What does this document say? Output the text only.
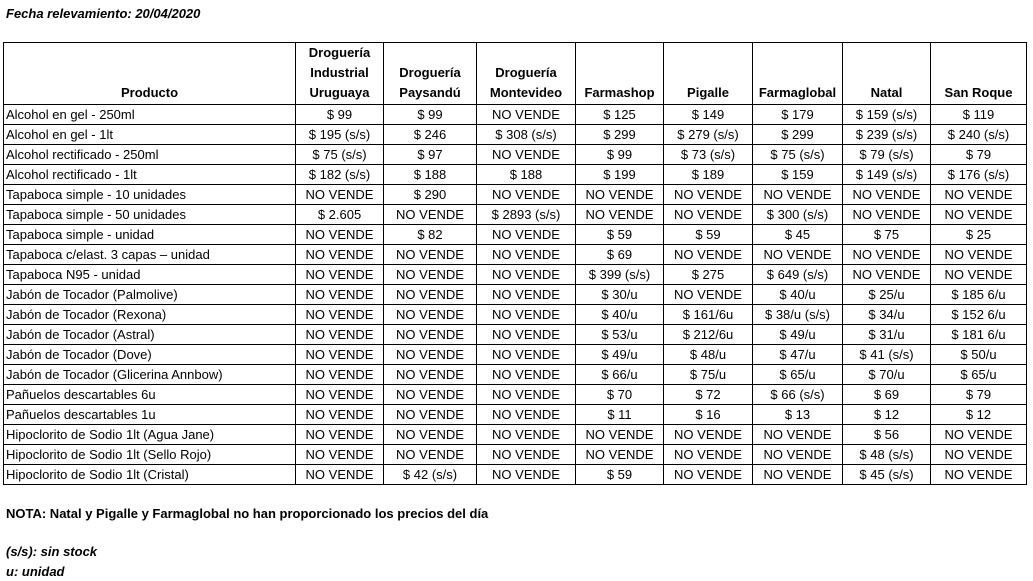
Fecha relevamiento: 20/04/2020
Producto	Droguería Industrial Uruguaya	Droguería Paysandú	Droguería Montevideo	Farmashop	Pigalle	Farmaglobal	Natal	San Roque
Alcohol en gel - 250ml	$ 99	$ 99	NO VENDE	$ 125	$ 149	$ 179	$ 159 (s/s)	$ 119
Alcohol en gel - 1lt	$ 195 (s/s)	$ 246	$ 308 (s/s)	$ 299	$ 279 (s/s)	$ 299	$ 239 (s/s)	$ 240 (s/s)
Alcohol rectificado - 250ml	$ 75 (s/s)	$ 97	NO VENDE	$ 99	$ 73 (s/s)	$ 75 (s/s)	$ 79 (s/s)	$ 79
Alcohol rectificado - 1lt	$ 182 (s/s)	$ 188	$ 188	$ 199	$ 189	$ 159	$ 149 (s/s)	$ 176 (s/s)
Tapaboca simple - 10 unidades	NO VENDE	$ 290	NO VENDE	NO VENDE	NO VENDE	NO VENDE	NO VENDE	NO VENDE
Tapaboca simple - 50 unidades	$ 2.605	NO VENDE	$ 2893 (s/s)	NO VENDE	NO VENDE	$ 300 (s/s)	NO VENDE	NO VENDE
Tapaboca simple - unidad	NO VENDE	$ 82	NO VENDE	$ 59	$ 59	$ 45	$ 75	$ 25
Tapaboca c/elast. 3 capas – unidad	NO VENDE	NO VENDE	NO VENDE	$ 69	NO VENDE	NO VENDE	NO VENDE	NO VENDE
Tapaboca N95 - unidad	NO VENDE	NO VENDE	NO VENDE	$ 399 (s/s)	$ 275	$ 649 (s/s)	NO VENDE	NO VENDE
Jabón de Tocador (Palmolive)	NO VENDE	NO VENDE	NO VENDE	$ 30/u	NO VENDE	$ 40/u	$ 25/u	$ 185 6/u
Jabón de Tocador (Rexona)	NO VENDE	NO VENDE	NO VENDE	$ 40/u	$ 161/6u	$ 38/u (s/s)	$ 34/u	$ 152 6/u
Jabón de Tocador (Astral)	NO VENDE	NO VENDE	NO VENDE	$ 53/u	$ 212/6u	$ 49/u	$ 31/u	$ 181 6/u
Jabón de Tocador (Dove)	NO VENDE	NO VENDE	NO VENDE	$ 49/u	$ 48/u	$ 47/u	$ 41 (s/s)	$ 50/u
Jabón de Tocador (Glicerina Annbow)	NO VENDE	NO VENDE	NO VENDE	$ 66/u	$ 75/u	$ 65/u	$ 70/u	$ 65/u
Pañuelos descartables 6u	NO VENDE	NO VENDE	NO VENDE	$ 70	$ 72	$ 66 (s/s)	$ 69	$ 79
Pañuelos descartables 1u	NO VENDE	NO VENDE	NO VENDE	$ 11	$ 16	$ 13	$ 12	$ 12
Hipoclorito de Sodio 1lt (Agua Jane)	NO VENDE	NO VENDE	NO VENDE	NO VENDE	NO VENDE	NO VENDE	$ 56	NO VENDE
Hipoclorito de Sodio 1lt (Sello Rojo)	NO VENDE	NO VENDE	NO VENDE	NO VENDE	NO VENDE	NO VENDE	$ 48 (s/s)	NO VENDE
Hipoclorito de Sodio 1lt (Cristal)	NO VENDE	$ 42 (s/s)	NO VENDE	$ 59	NO VENDE	NO VENDE	$ 45 (s/s)	NO VENDE
NOTA: Natal y Pigalle y Farmaglobal no han proporcionado los precios del día
(s/s): sin stock
u: unidad
